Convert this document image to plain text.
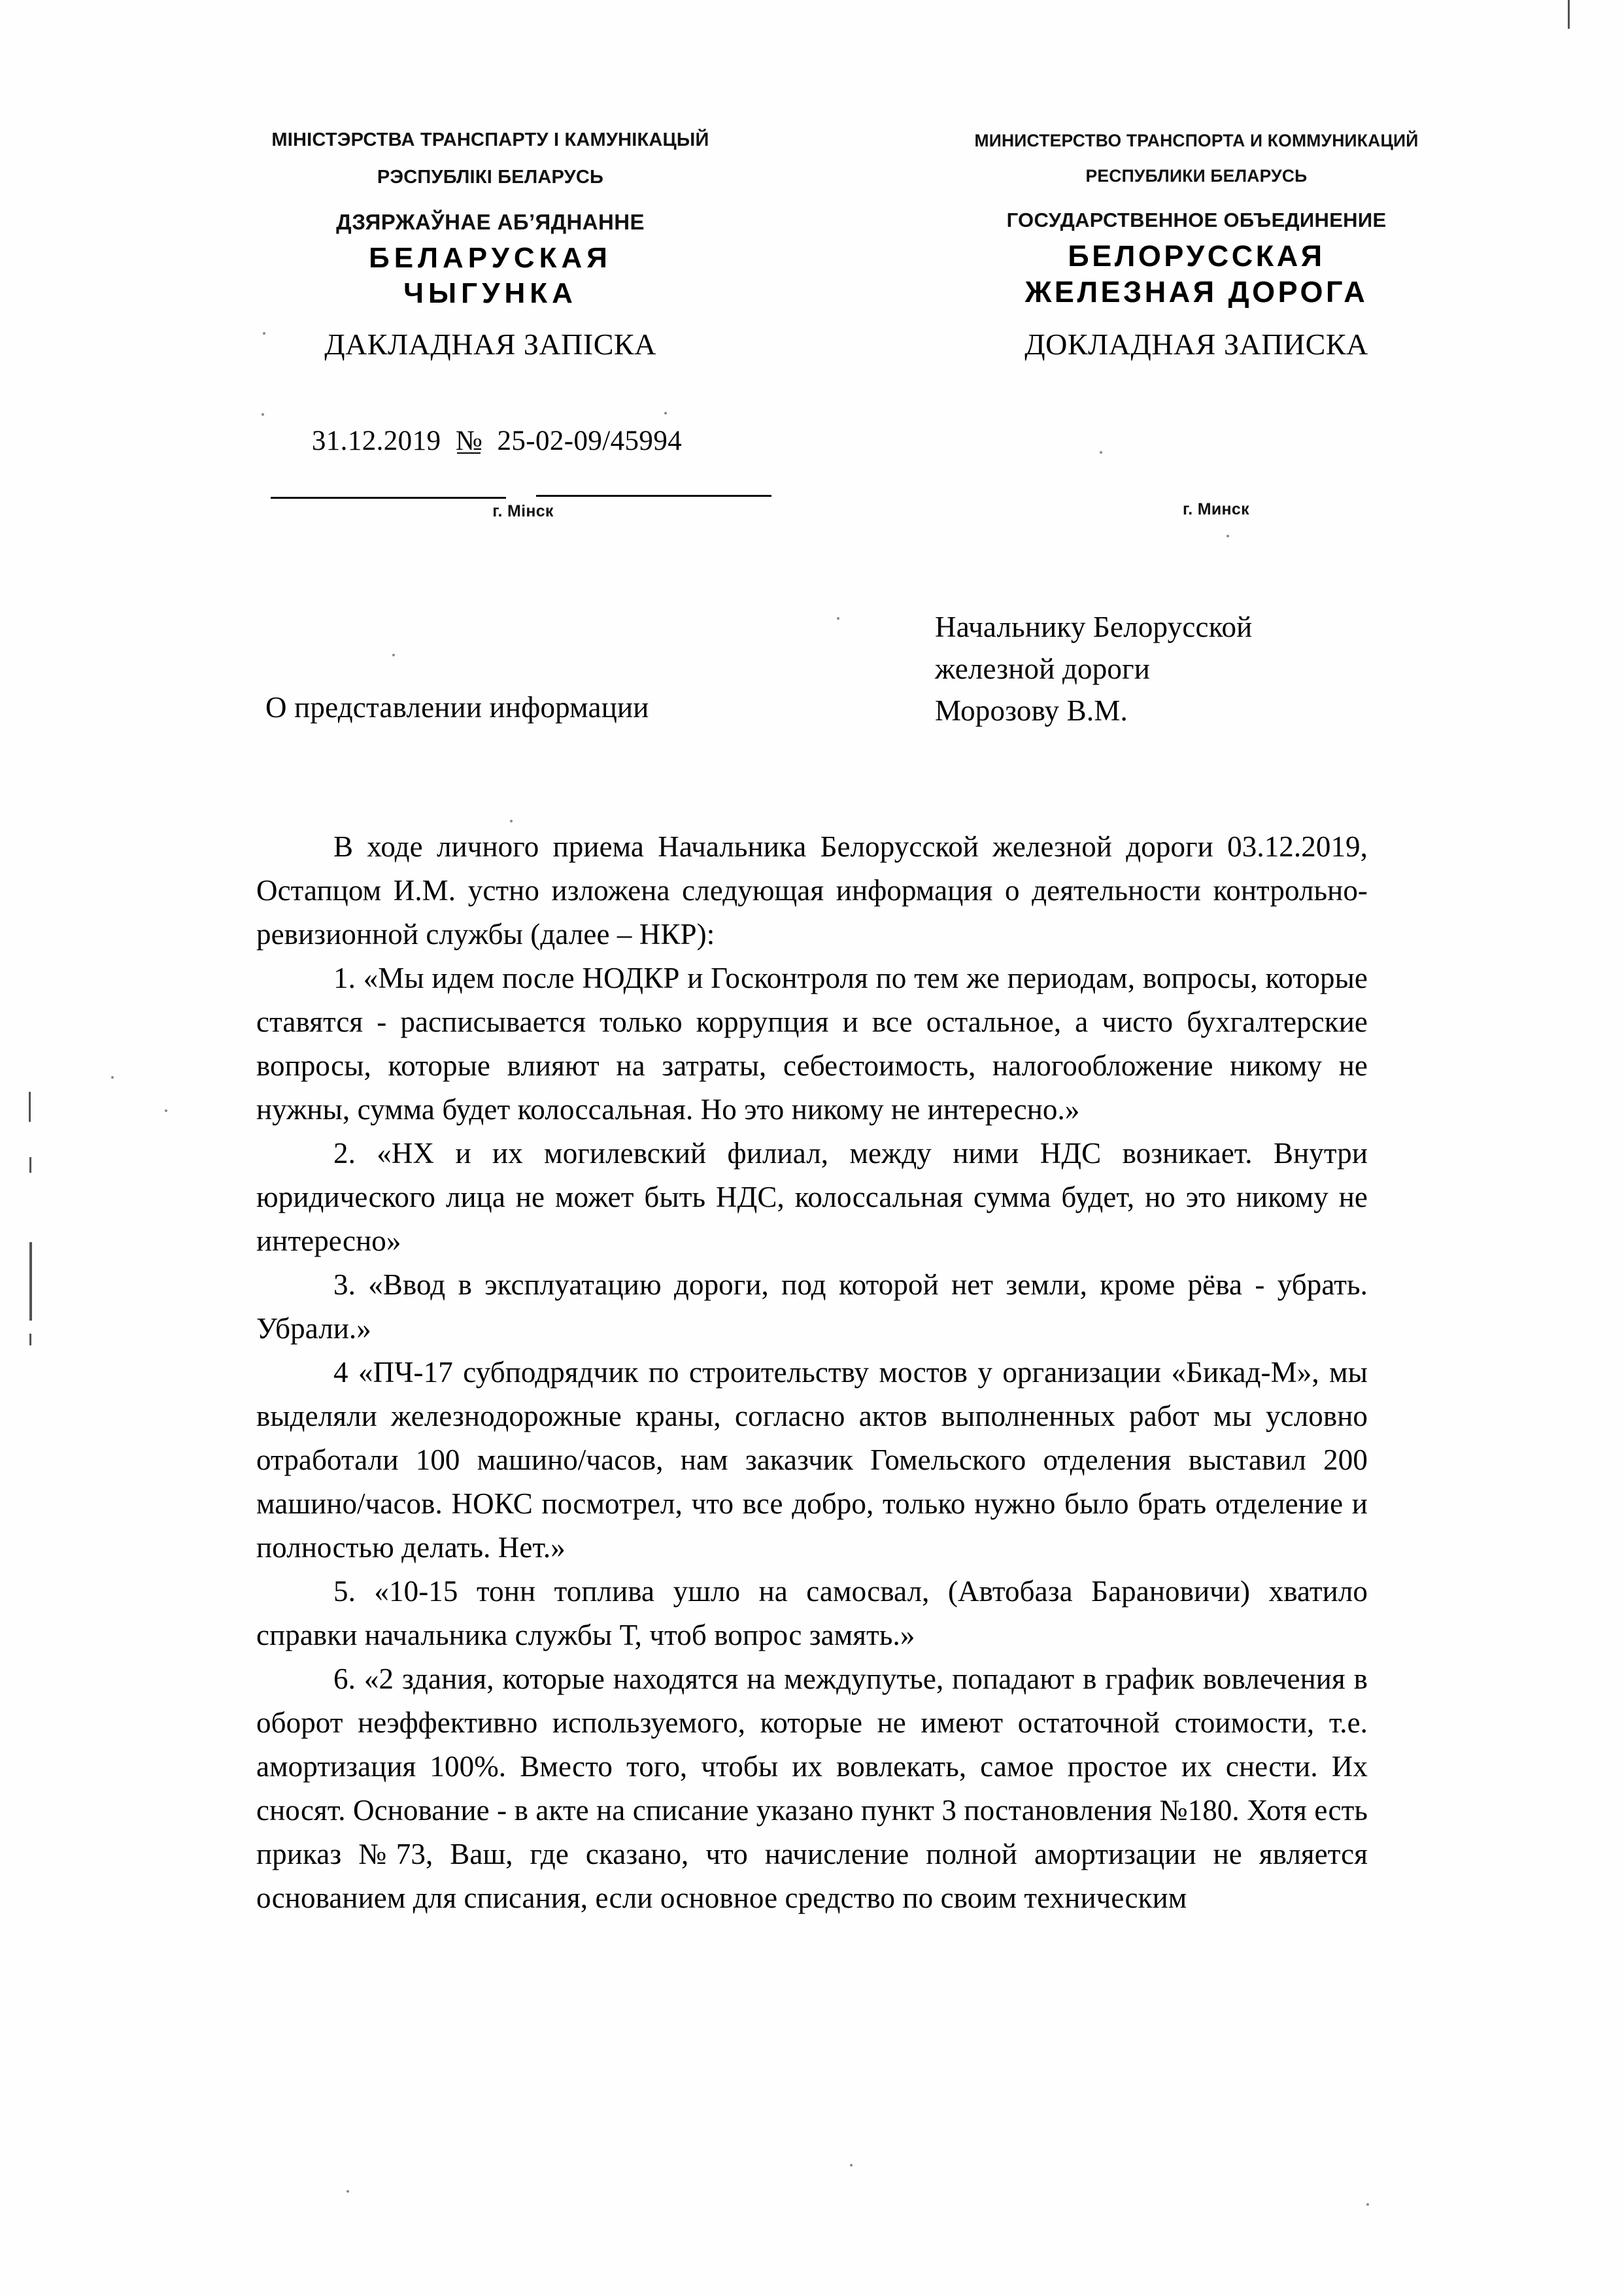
МІНІСТЭРСТВА ТРАНСПАРТУ І КАМУНІКАЦЫЙ
РЭСПУБЛІКІ БЕЛАРУСЬ
ДЗЯРЖАЎНАЕ АБ’ЯДНАННЕ
БЕЛАРУСКАЯ
ЧЫГУНКА
МИНИСТЕРСТВО ТРАНСПОРТА И КОММУНИКАЦИЙ
РЕСПУБЛИКИ БЕЛАРУСЬ
ГОСУДАРСТВЕННОЕ ОБЪЕДИНЕНИЕ
БЕЛОРУССКАЯ
ЖЕЛЕЗНАЯ ДОРОГА
ДАКЛАДНАЯ ЗАПІСКА	ДОКЛАДНАЯ ЗАПИСКА
31.12.2019 № 25-02-09/45994
г. Мінск	г. Минск
Начальнику Белорусской
железной дороги
Морозову В.М.
О представлении информации

В ходе личного приема Начальника Белорусской железной дороги 03.12.2019, Остапцом И.М. устно изложена следующая информация о деятельности контрольно-ревизионной службы (далее – НКР):

1. «Мы идем после НОДКР и Госконтроля по тем же периодам, вопросы, которые ставятся - расписывается только коррупция и все остальное, а чисто бухгалтерские вопросы, которые влияют на затраты, себестоимость, налогообложение никому не нужны, сумма будет колоссальная. Но это никому не интересно.»

2. «НХ и их могилевский филиал, между ними НДС возникает. Внутри юридического лица не может быть НДС, колоссальная сумма будет, но это никому не интересно»

3. «Ввод в эксплуатацию дороги, под которой нет земли, кроме рёва - убрать. Убрали.»

4 «ПЧ-17 субподрядчик по строительству мостов у организации «Бикад-М», мы выделяли железнодорожные краны, согласно актов выполненных работ мы условно отработали 100 машино/часов, нам заказчик Гомельского отделения выставил 200 машино/часов. НОКС посмотрел, что все добро, только нужно было брать отделение и полностью делать. Нет.»

5. «10-15 тонн топлива ушло на самосвал, (Автобаза Барановичи) хватило справки начальника службы Т, чтоб вопрос замять.»

6. «2 здания, которые находятся на междупутье, попадают в график вовлечения в оборот неэффективно используемого, которые не имеют остаточной стоимости, т.е. амортизация 100%. Вместо того, чтобы их вовлекать, самое простое их снести. Их сносят. Основание - в акте на списание указано пункт 3 постановления №180. Хотя есть приказ №73, Ваш, где сказано, что начисление полной амортизации не является основанием для списания, если основное средство по своим техническим
